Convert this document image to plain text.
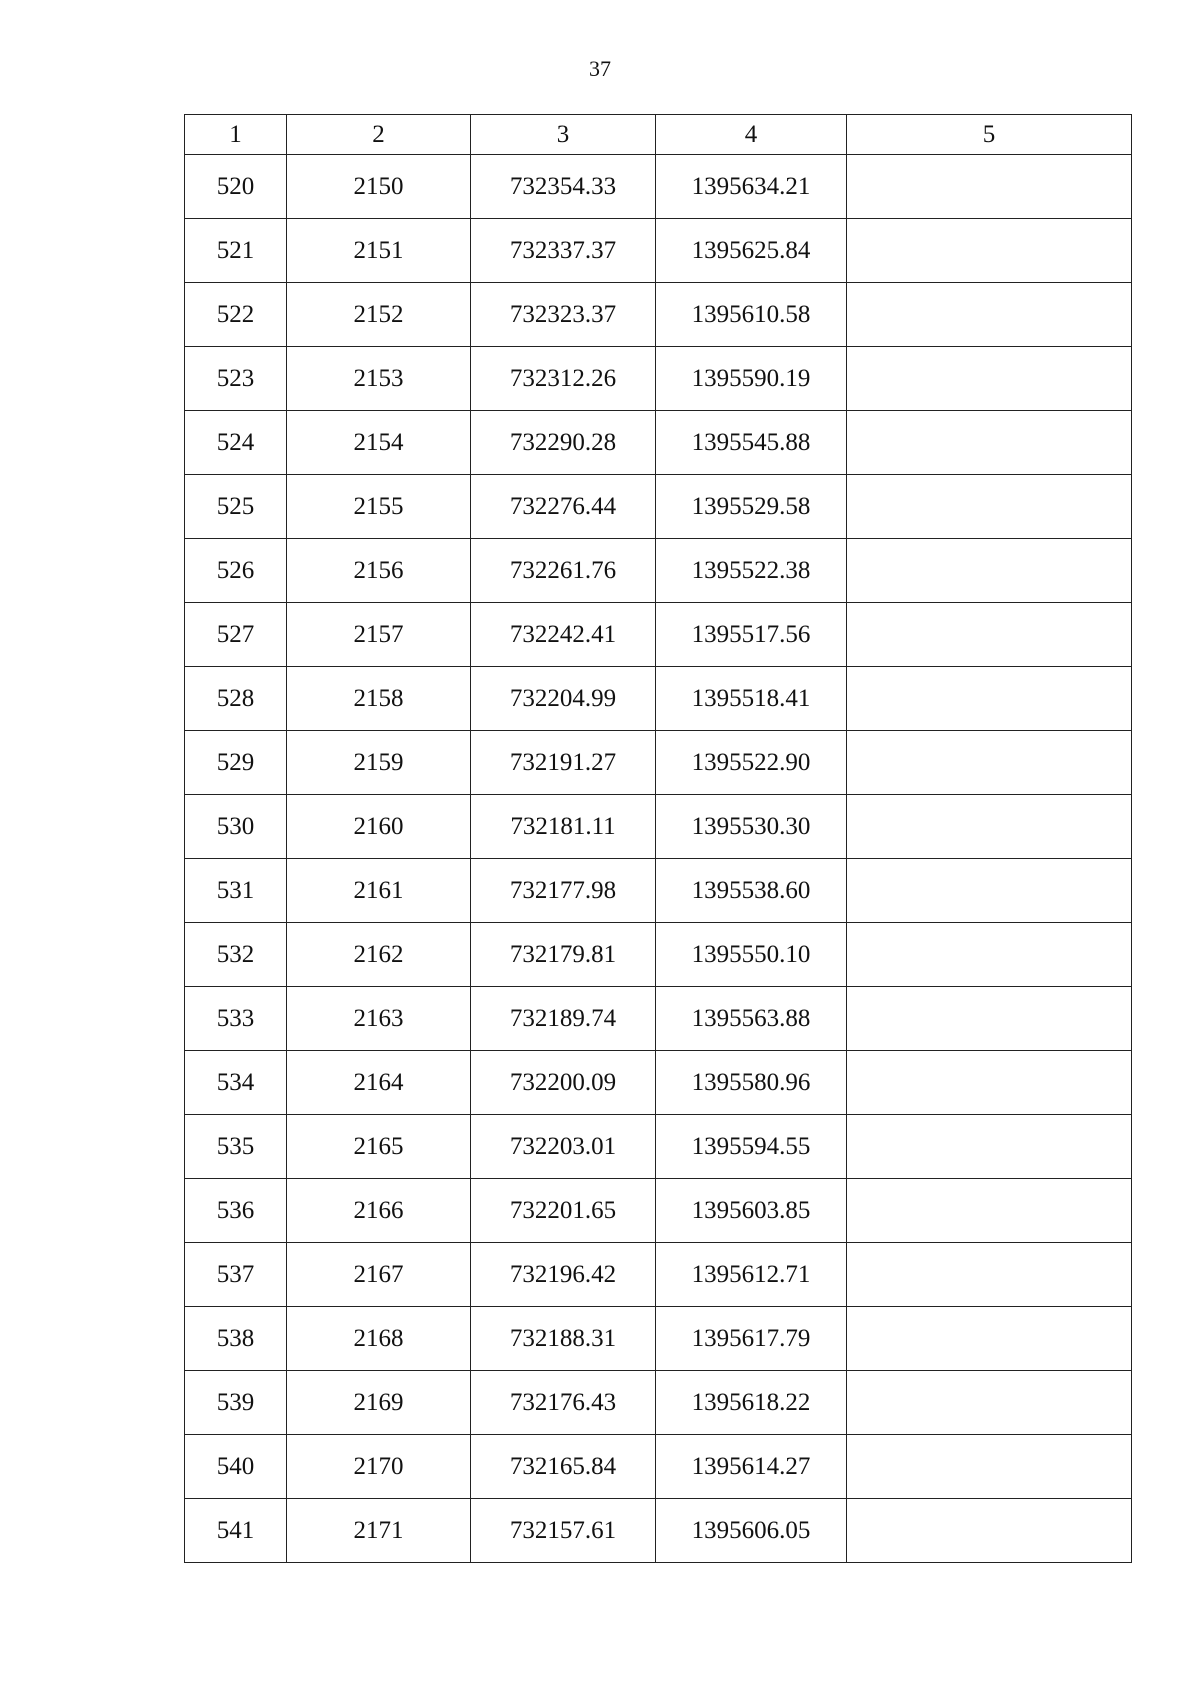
37
1	2	3	4	5
520	2150	732354.33	1395634.21	
521	2151	732337.37	1395625.84	
522	2152	732323.37	1395610.58	
523	2153	732312.26	1395590.19	
524	2154	732290.28	1395545.88	
525	2155	732276.44	1395529.58	
526	2156	732261.76	1395522.38	
527	2157	732242.41	1395517.56	
528	2158	732204.99	1395518.41	
529	2159	732191.27	1395522.90	
530	2160	732181.11	1395530.30	
531	2161	732177.98	1395538.60	
532	2162	732179.81	1395550.10	
533	2163	732189.74	1395563.88	
534	2164	732200.09	1395580.96	
535	2165	732203.01	1395594.55	
536	2166	732201.65	1395603.85	
537	2167	732196.42	1395612.71	
538	2168	732188.31	1395617.79	
539	2169	732176.43	1395618.22	
540	2170	732165.84	1395614.27	
541	2171	732157.61	1395606.05	
